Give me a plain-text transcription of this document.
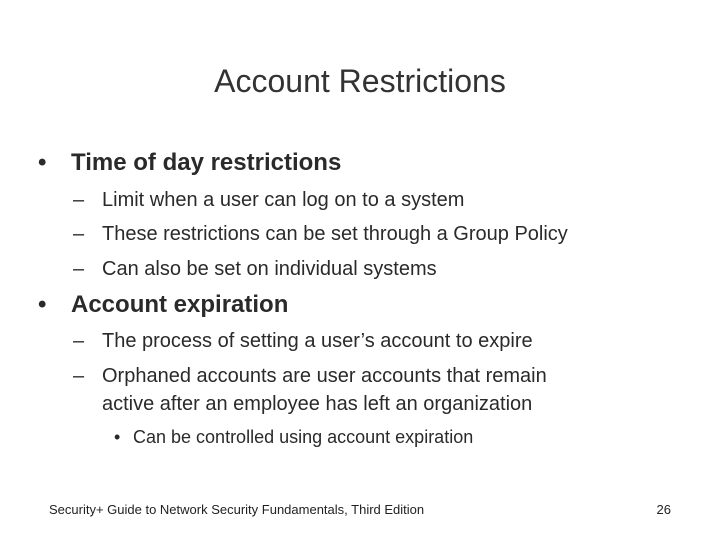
Account Restrictions
• Time of day restrictions
– Limit when a user can log on to a system
– These restrictions can be set through a Group Policy
– Can also be set on individual systems
• Account expiration
– The process of setting a user’s account to expire
– Orphaned accounts are user accounts that remain
active after an employee has left an organization
• Can be controlled using account expiration
Security+ Guide to Network Security Fundamentals, Third Edition	26
